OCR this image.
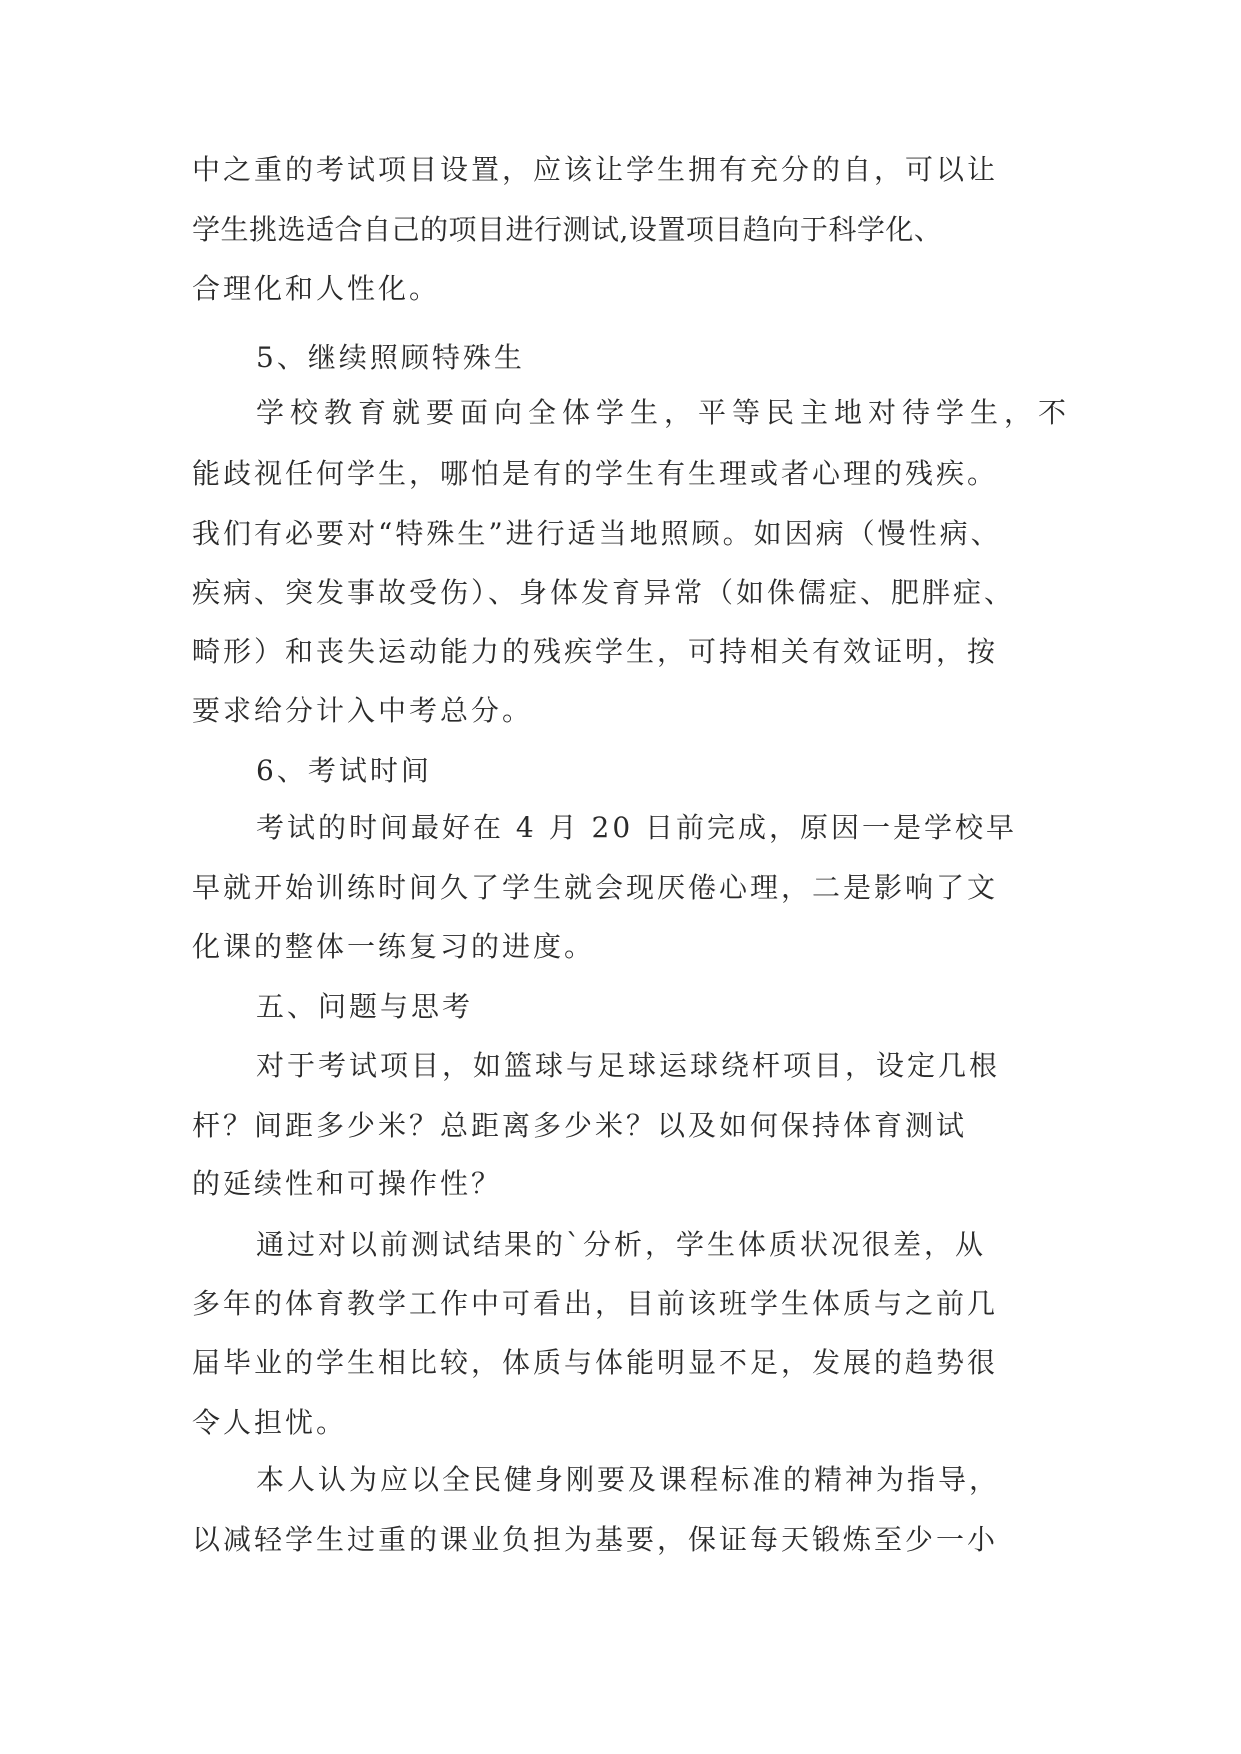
中之重的考试项目设置，应该让学生拥有充分的自，可以让
学生挑选适合自己的项目进行测试,设置项目趋向于科学化、
合理化和人性化。
5、继续照顾特殊生
学校教育就要面向全体学生，平等民主地对待学生，不
能歧视任何学生，哪怕是有的学生有生理或者心理的残疾。
我们有必要对“特殊生”进行适当地照顾。如因病（慢性病、
疾病、突发事故受伤）、身体发育异常（如侏儒症、肥胖症、
畸形）和丧失运动能力的残疾学生，可持相关有效证明，按
要求给分计入中考总分。
6、考试时间
考试的时间最好在 4 月 20 日前完成，原因一是学校早
早就开始训练时间久了学生就会现厌倦心理，二是影响了文
化课的整体一练复习的进度。
五、问题与思考
对于考试项目，如篮球与足球运球绕杆项目，设定几根
杆？间距多少米？总距离多少米？以及如何保持体育测试
的延续性和可操作性？
通过对以前测试结果的`分析，学生体质状况很差，从
多年的体育教学工作中可看出，目前该班学生体质与之前几
届毕业的学生相比较，体质与体能明显不足，发展的趋势很
令人担忧。
本人认为应以全民健身刚要及课程标准的精神为指导，
以减轻学生过重的课业负担为基要，保证每天锻炼至少一小
